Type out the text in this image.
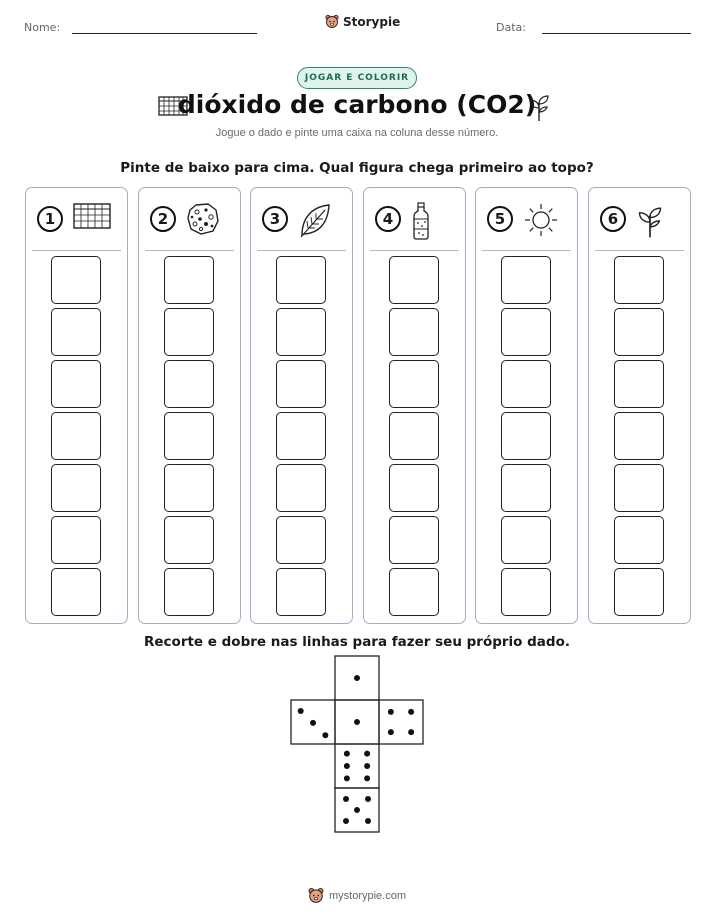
Nome:	Storypie	Data:
JOGAR E COLORIR
dióxido de carbono (CO2)
Jogue o dado e pinte uma caixa na coluna desse número.
Pinte de baixo para cima. Qual figura chega primeiro ao topo?
1	2	3	4	5	6
Recorte e dobre nas linhas para fazer seu próprio dado.
mystorypie.com
